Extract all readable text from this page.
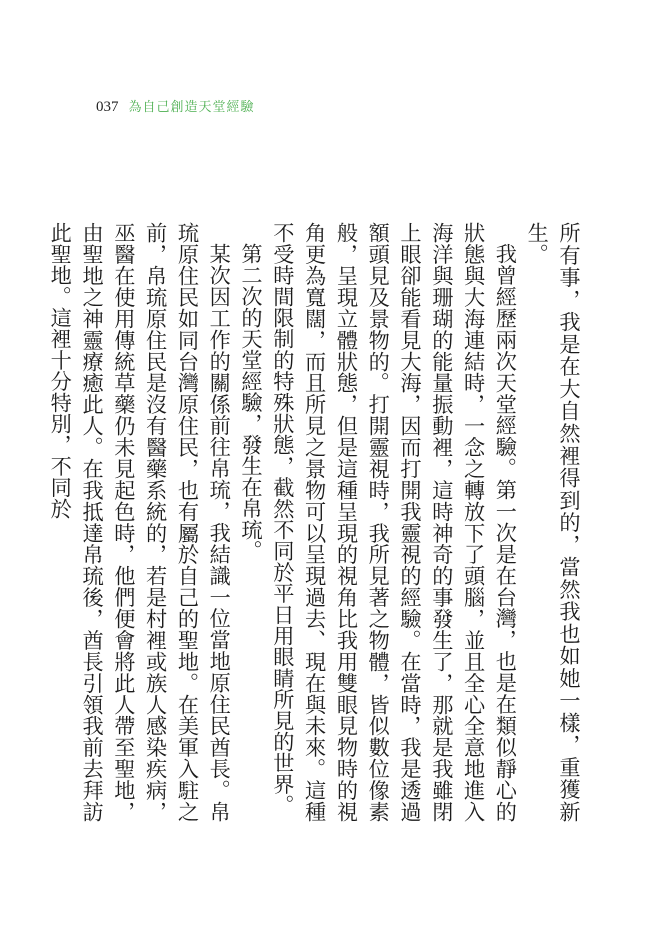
037 為自己創造天堂經驗

所有事，我是在大自然裡得到的，當然我也如她一樣，重獲新生。

我曾經歷兩次天堂經驗。第一次是在台灣，也是在類似靜心的狀態與大海連結時，一念之轉放下了頭腦，並且全心全意地進入海洋與珊瑚的能量振動裡，這時神奇的事發生了，那就是我雖閉上眼卻能看見大海，因而打開我靈視的經驗。在當時，我是透過額頭見及景物的。打開靈視時，我所見著之物體，皆似數位像素般，呈現立體狀態，但是這種呈現的視角比我用雙眼見物時的視角更為寬闊，而且所見之景物可以呈現過去、現在與未來。這種不受時間限制的特殊狀態，截然不同於平日用眼睛所見的世界。

第二次的天堂經驗，發生在帛琉。

某次因工作的關係前往帛琉，我結識一位當地原住民酋長。帛琉原住民如同台灣原住民，也有屬於自己的聖地。在美軍入駐之前，帛琉原住民是沒有醫藥系統的，若是村裡或族人感染疾病，巫醫在使用傳統草藥仍未見起色時，他們便會將此人帶至聖地，由聖地之神靈療癒此人。在我抵達帛琉後，酋長引領我前去拜訪此聖地。這裡十分特別，不同於
